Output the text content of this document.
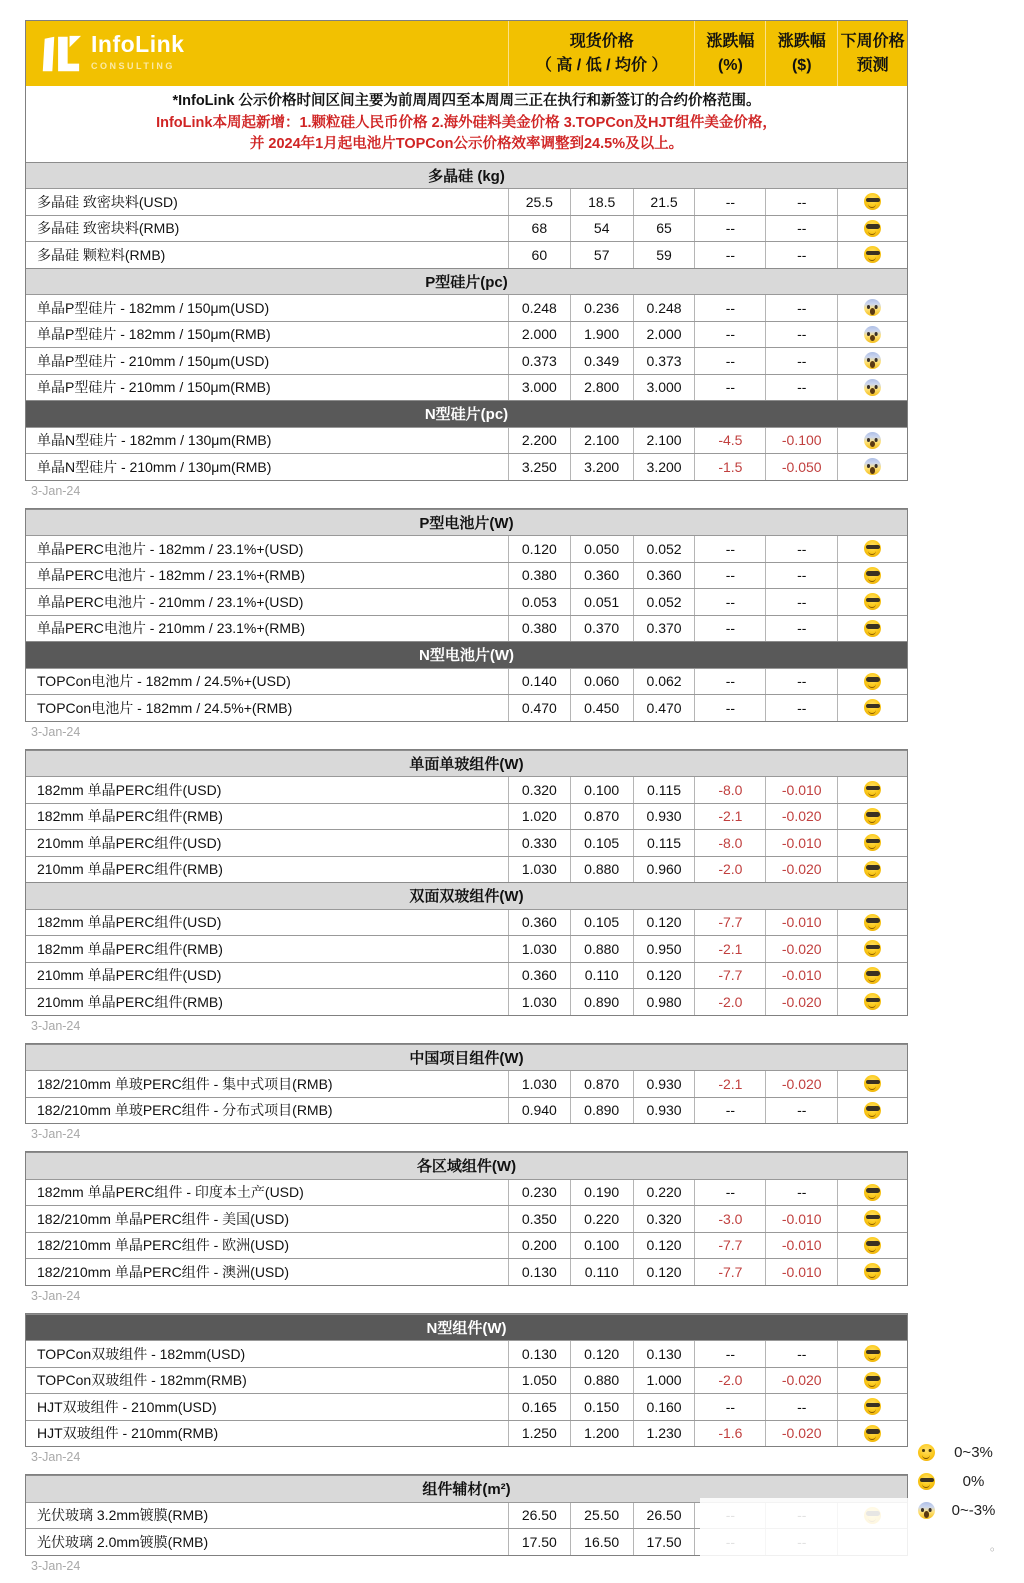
InfoLink
CONSULTING
现货价格
（ 高 / 低 / 均价 ）
涨跌幅
(%)
涨跌幅
($)
下周价格
预测
*InfoLink 公示价格时间区间主要为前周周四至本周周三正在执行和新签订的合约价格范围。
InfoLink本周起新增：1.颗粒硅人民币价格 2.海外硅料美金价格 3.TOPCon及HJT组件美金价格，
并 2024年1月起电池片TOPCon公示价格效率调整到24.5%及以上。
多晶硅 (kg)
多晶硅 致密块料(USD)	25.5	18.5	21.5	--	--
多晶硅 致密块料(RMB)	68	54	65	--	--
多晶硅 颗粒料(RMB)	60	57	59	--	--
P型硅片(pc)
单晶P型硅片 - 182mm / 150μm(USD)	0.248	0.236	0.248	--	--
单晶P型硅片 - 182mm / 150μm(RMB)	2.000	1.900	2.000	--	--
单晶P型硅片 - 210mm / 150μm(USD)	0.373	0.349	0.373	--	--
单晶P型硅片 - 210mm / 150μm(RMB)	3.000	2.800	3.000	--	--
N型硅片(pc)
单晶N型硅片 - 182mm / 130μm(RMB)	2.200	2.100	2.100	-4.5	-0.100
单晶N型硅片 - 210mm / 130μm(RMB)	3.250	3.200	3.200	-1.5	-0.050
3-Jan-24
P型电池片(W)
单晶PERC电池片 - 182mm / 23.1%+(USD)	0.120	0.050	0.052	--	--
单晶PERC电池片 - 182mm / 23.1%+(RMB)	0.380	0.360	0.360	--	--
单晶PERC电池片 - 210mm / 23.1%+(USD)	0.053	0.051	0.052	--	--
单晶PERC电池片 - 210mm / 23.1%+(RMB)	0.380	0.370	0.370	--	--
N型电池片(W)
TOPCon电池片 - 182mm / 24.5%+(USD)	0.140	0.060	0.062	--	--
TOPCon电池片 - 182mm / 24.5%+(RMB)	0.470	0.450	0.470	--	--
3-Jan-24
单面单玻组件(W)
182mm 单晶PERC组件(USD)	0.320	0.100	0.115	-8.0	-0.010
182mm 单晶PERC组件(RMB)	1.020	0.870	0.930	-2.1	-0.020
210mm 单晶PERC组件(USD)	0.330	0.105	0.115	-8.0	-0.010
210mm 单晶PERC组件(RMB)	1.030	0.880	0.960	-2.0	-0.020
双面双玻组件(W)
182mm 单晶PERC组件(USD)	0.360	0.105	0.120	-7.7	-0.010
182mm 单晶PERC组件(RMB)	1.030	0.880	0.950	-2.1	-0.020
210mm 单晶PERC组件(USD)	0.360	0.110	0.120	-7.7	-0.010
210mm 单晶PERC组件(RMB)	1.030	0.890	0.980	-2.0	-0.020
3-Jan-24
中国项目组件(W)
182/210mm 单玻PERC组件 - 集中式项目(RMB)	1.030	0.870	0.930	-2.1	-0.020
182/210mm 单玻PERC组件 - 分布式项目(RMB)	0.940	0.890	0.930	--	--
3-Jan-24
各区域组件(W)
182mm 单晶PERC组件 - 印度本土产(USD)	0.230	0.190	0.220	--	--
182/210mm 单晶PERC组件 - 美国(USD)	0.350	0.220	0.320	-3.0	-0.010
182/210mm 单晶PERC组件 - 欧洲(USD)	0.200	0.100	0.120	-7.7	-0.010
182/210mm 单晶PERC组件 - 澳洲(USD)	0.130	0.110	0.120	-7.7	-0.010
3-Jan-24
N型组件(W)
TOPCon双玻组件 - 182mm(USD)	0.130	0.120	0.130	--	--
TOPCon双玻组件 - 182mm(RMB)	1.050	0.880	1.000	-2.0	-0.020
HJT双玻组件 - 210mm(USD)	0.165	0.150	0.160	--	--
HJT双玻组件 - 210mm(RMB)	1.250	1.200	1.230	-1.6	-0.020
3-Jan-24
组件辅材(m²)
光伏玻璃 3.2mm镀膜(RMB)	26.50	25.50	26.50
光伏玻璃 2.0mm镀膜(RMB)	17.50	16.50	17.50
3-Jan-24
0~3%
0%
0~-3%
。
